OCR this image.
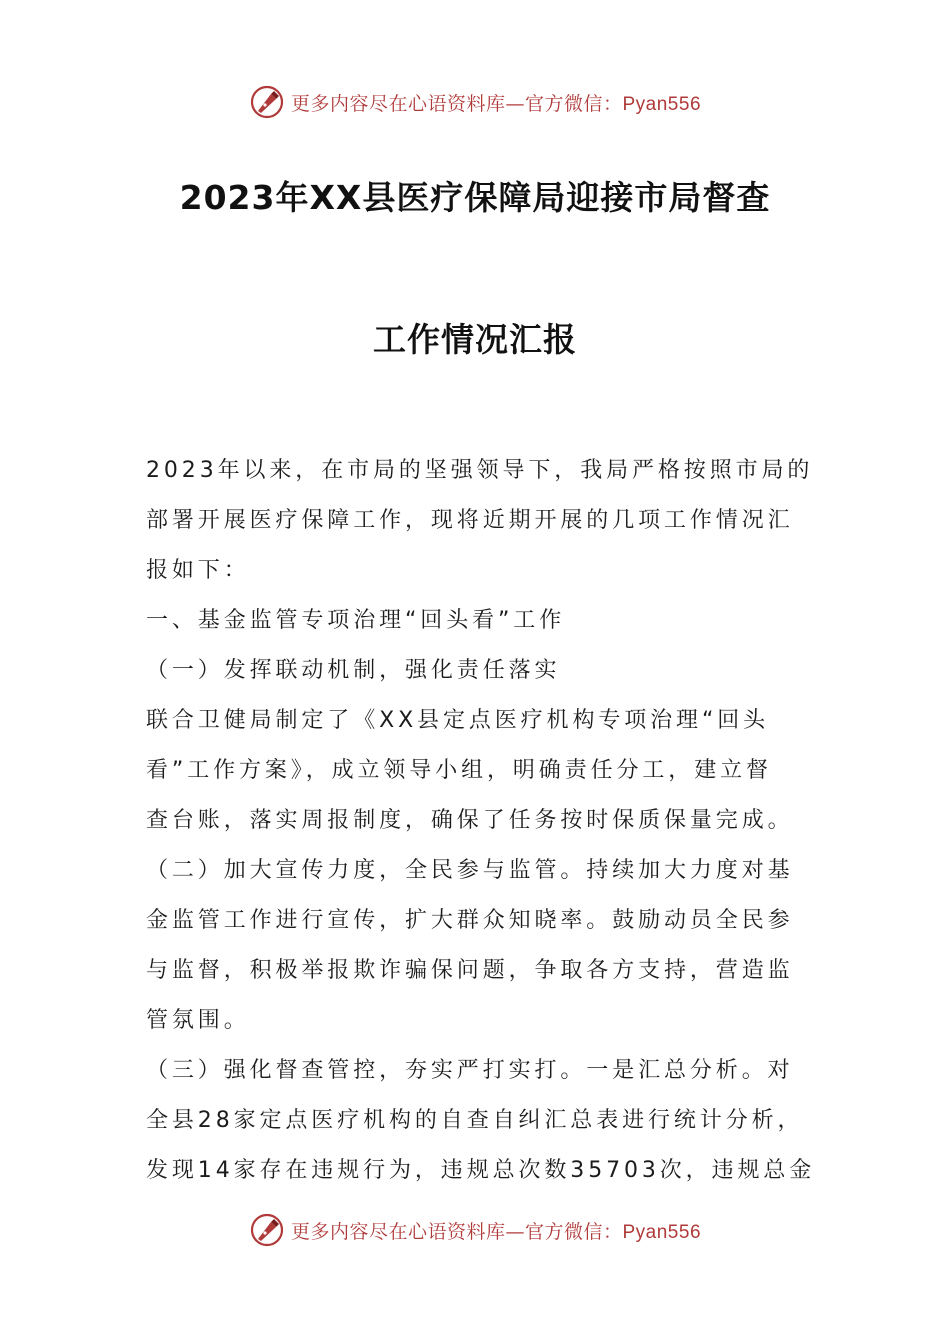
更多内容尽在心语资料库—官方微信：Pyan556
2023年XX县医疗保障局迎接市局督查
工作情况汇报
2023年以来，在市局的坚强领导下，我局严格按照市局的
部署开展医疗保障工作，现将近期开展的几项工作情况汇
报如下：
一、基金监管专项治理“回头看”工作
（一）发挥联动机制，强化责任落实
联合卫健局制定了《XX县定点医疗机构专项治理“回头
看”工作方案》，成立领导小组，明确责任分工，建立督
查台账，落实周报制度，确保了任务按时保质保量完成。
（二）加大宣传力度，全民参与监管。持续加大力度对基
金监管工作进行宣传，扩大群众知晓率。鼓励动员全民参
与监督，积极举报欺诈骗保问题，争取各方支持，营造监
管氛围。
（三）强化督查管控，夯实严打实打。一是汇总分析。对
全县28家定点医疗机构的自查自纠汇总表进行统计分析，
发现14家存在违规行为，违规总次数35703次，违规总金
更多内容尽在心语资料库—官方微信：Pyan556
